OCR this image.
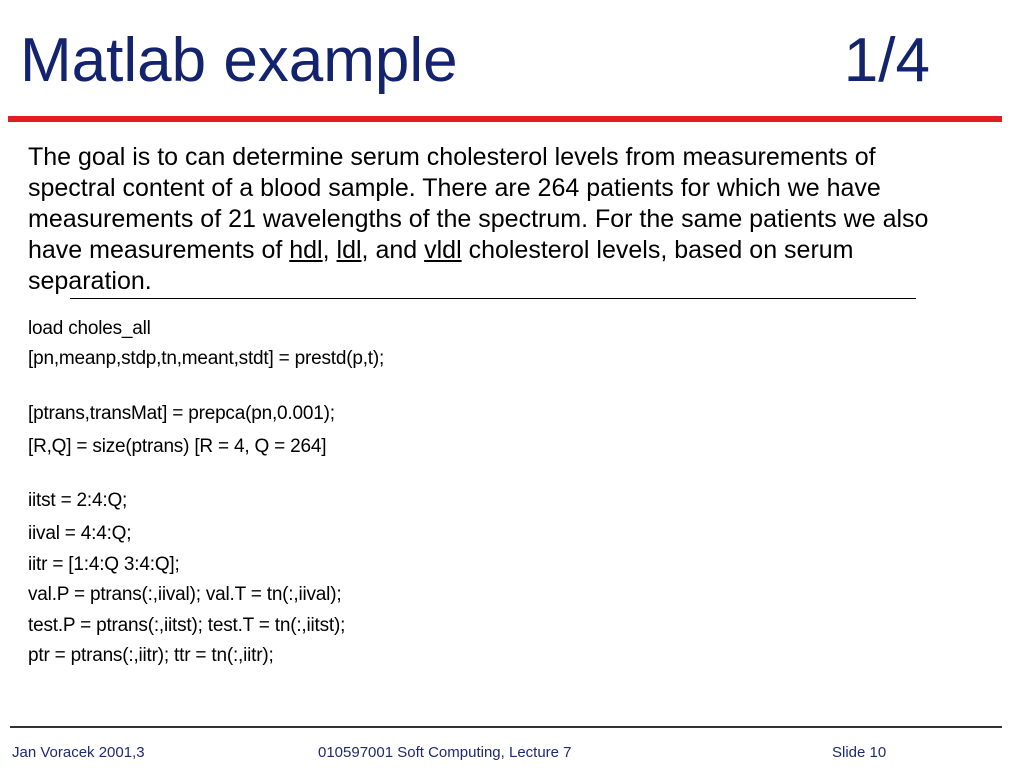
Matlab example	1/4
The goal is to can determine serum cholesterol levels from measurements of spectral content of a blood sample. There are 264 patients for which we have measurements of 21 wavelengths of the spectrum. For the same patients we also have measurements of hdl, ldl, and vldl cholesterol levels, based on serum separation.
load choles_all
[pn,meanp,stdp,tn,meant,stdt] = prestd(p,t);
[ptrans,transMat] = prepca(pn,0.001);
[R,Q] = size(ptrans) [R = 4, Q = 264]
iitst = 2:4:Q;
iival = 4:4:Q;
iitr = [1:4:Q 3:4:Q];
val.P = ptrans(:,iival); val.T = tn(:,iival);
test.P = ptrans(:,iitst); test.T = tn(:,iitst);
ptr = ptrans(:,iitr); ttr = tn(:,iitr);
Jan Voracek 2001,3	010597001 Soft Computing, Lecture 7	Slide 10
